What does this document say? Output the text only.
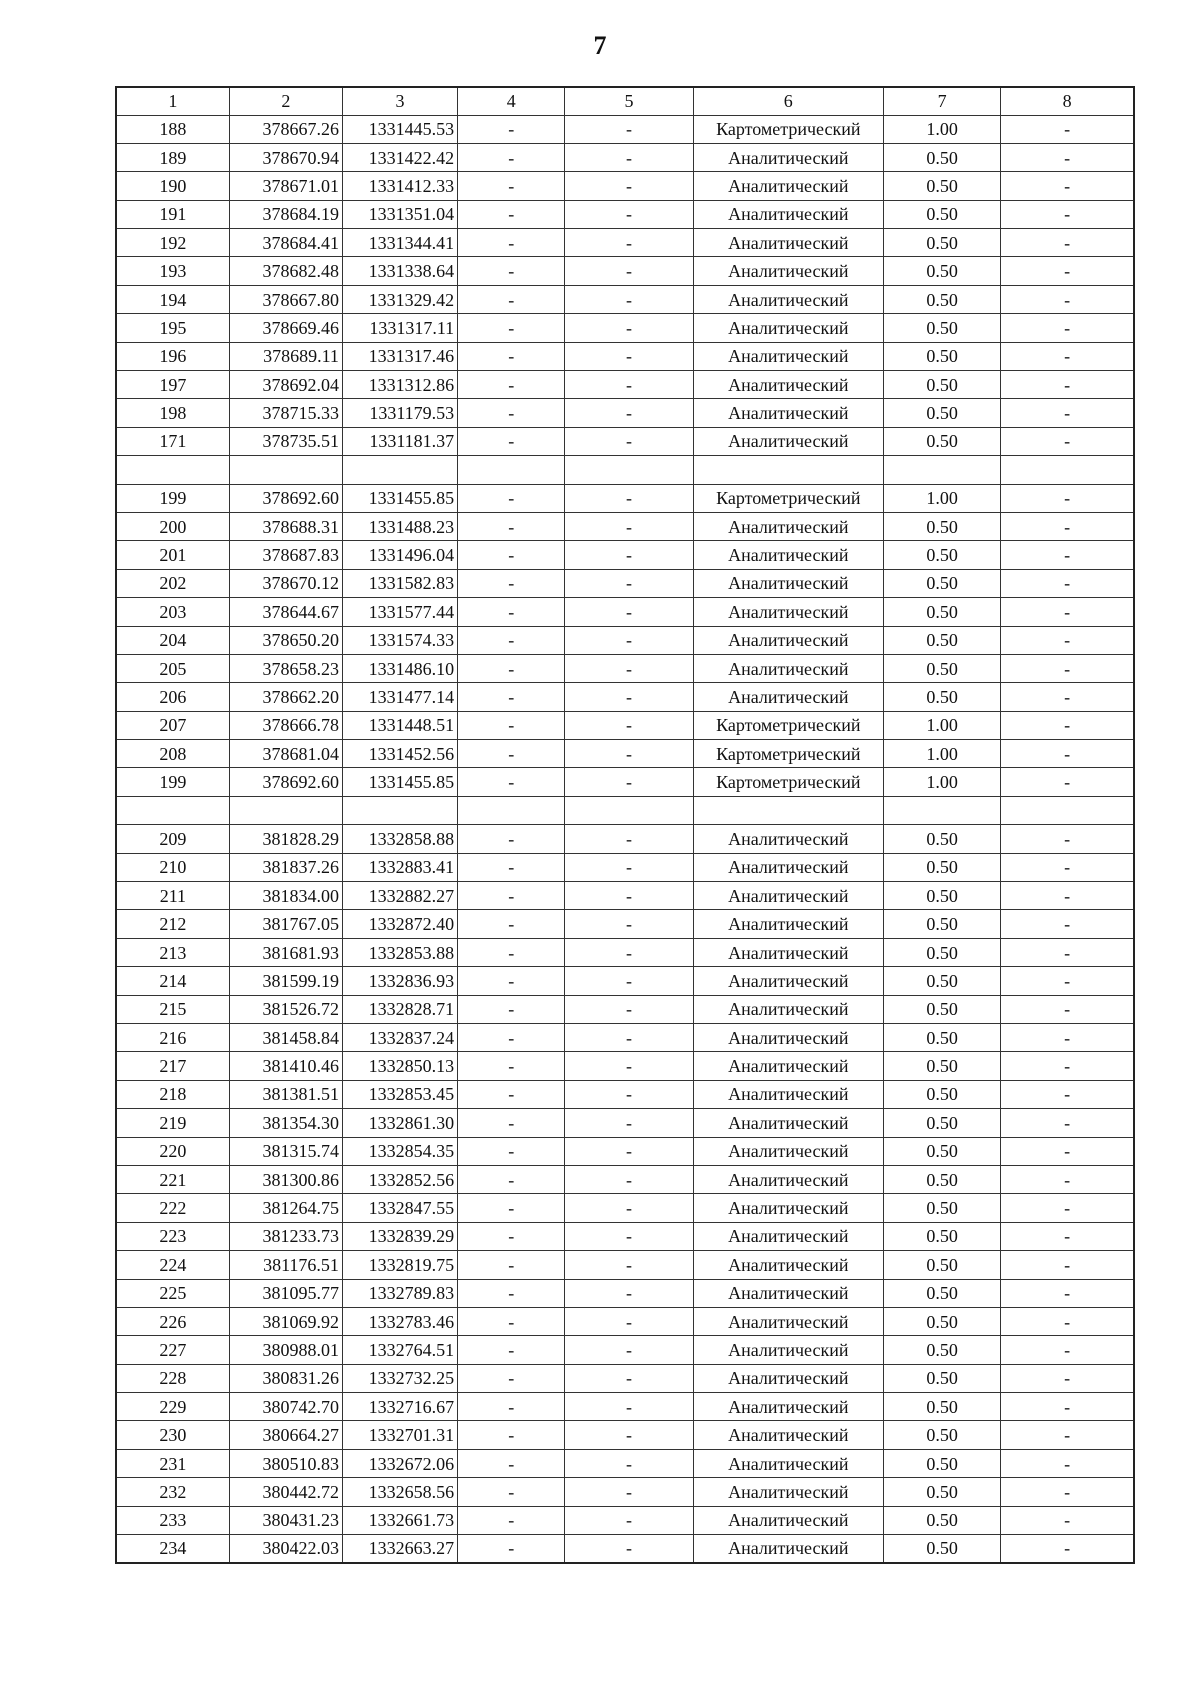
7
1	2	3	4	5	6	7	8
188	378667.26	1331445.53	-	-	Картометрический	1.00	-
189	378670.94	1331422.42	-	-	Аналитический	0.50	-
190	378671.01	1331412.33	-	-	Аналитический	0.50	-
191	378684.19	1331351.04	-	-	Аналитический	0.50	-
192	378684.41	1331344.41	-	-	Аналитический	0.50	-
193	378682.48	1331338.64	-	-	Аналитический	0.50	-
194	378667.80	1331329.42	-	-	Аналитический	0.50	-
195	378669.46	1331317.11	-	-	Аналитический	0.50	-
196	378689.11	1331317.46	-	-	Аналитический	0.50	-
197	378692.04	1331312.86	-	-	Аналитический	0.50	-
198	378715.33	1331179.53	-	-	Аналитический	0.50	-
171	378735.51	1331181.37	-	-	Аналитический	0.50	-

199	378692.60	1331455.85	-	-	Картометрический	1.00	-
200	378688.31	1331488.23	-	-	Аналитический	0.50	-
201	378687.83	1331496.04	-	-	Аналитический	0.50	-
202	378670.12	1331582.83	-	-	Аналитический	0.50	-
203	378644.67	1331577.44	-	-	Аналитический	0.50	-
204	378650.20	1331574.33	-	-	Аналитический	0.50	-
205	378658.23	1331486.10	-	-	Аналитический	0.50	-
206	378662.20	1331477.14	-	-	Аналитический	0.50	-
207	378666.78	1331448.51	-	-	Картометрический	1.00	-
208	378681.04	1331452.56	-	-	Картометрический	1.00	-
199	378692.60	1331455.85	-	-	Картометрический	1.00	-

209	381828.29	1332858.88	-	-	Аналитический	0.50	-
210	381837.26	1332883.41	-	-	Аналитический	0.50	-
211	381834.00	1332882.27	-	-	Аналитический	0.50	-
212	381767.05	1332872.40	-	-	Аналитический	0.50	-
213	381681.93	1332853.88	-	-	Аналитический	0.50	-
214	381599.19	1332836.93	-	-	Аналитический	0.50	-
215	381526.72	1332828.71	-	-	Аналитический	0.50	-
216	381458.84	1332837.24	-	-	Аналитический	0.50	-
217	381410.46	1332850.13	-	-	Аналитический	0.50	-
218	381381.51	1332853.45	-	-	Аналитический	0.50	-
219	381354.30	1332861.30	-	-	Аналитический	0.50	-
220	381315.74	1332854.35	-	-	Аналитический	0.50	-
221	381300.86	1332852.56	-	-	Аналитический	0.50	-
222	381264.75	1332847.55	-	-	Аналитический	0.50	-
223	381233.73	1332839.29	-	-	Аналитический	0.50	-
224	381176.51	1332819.75	-	-	Аналитический	0.50	-
225	381095.77	1332789.83	-	-	Аналитический	0.50	-
226	381069.92	1332783.46	-	-	Аналитический	0.50	-
227	380988.01	1332764.51	-	-	Аналитический	0.50	-
228	380831.26	1332732.25	-	-	Аналитический	0.50	-
229	380742.70	1332716.67	-	-	Аналитический	0.50	-
230	380664.27	1332701.31	-	-	Аналитический	0.50	-
231	380510.83	1332672.06	-	-	Аналитический	0.50	-
232	380442.72	1332658.56	-	-	Аналитический	0.50	-
233	380431.23	1332661.73	-	-	Аналитический	0.50	-
234	380422.03	1332663.27	-	-	Аналитический	0.50	-
